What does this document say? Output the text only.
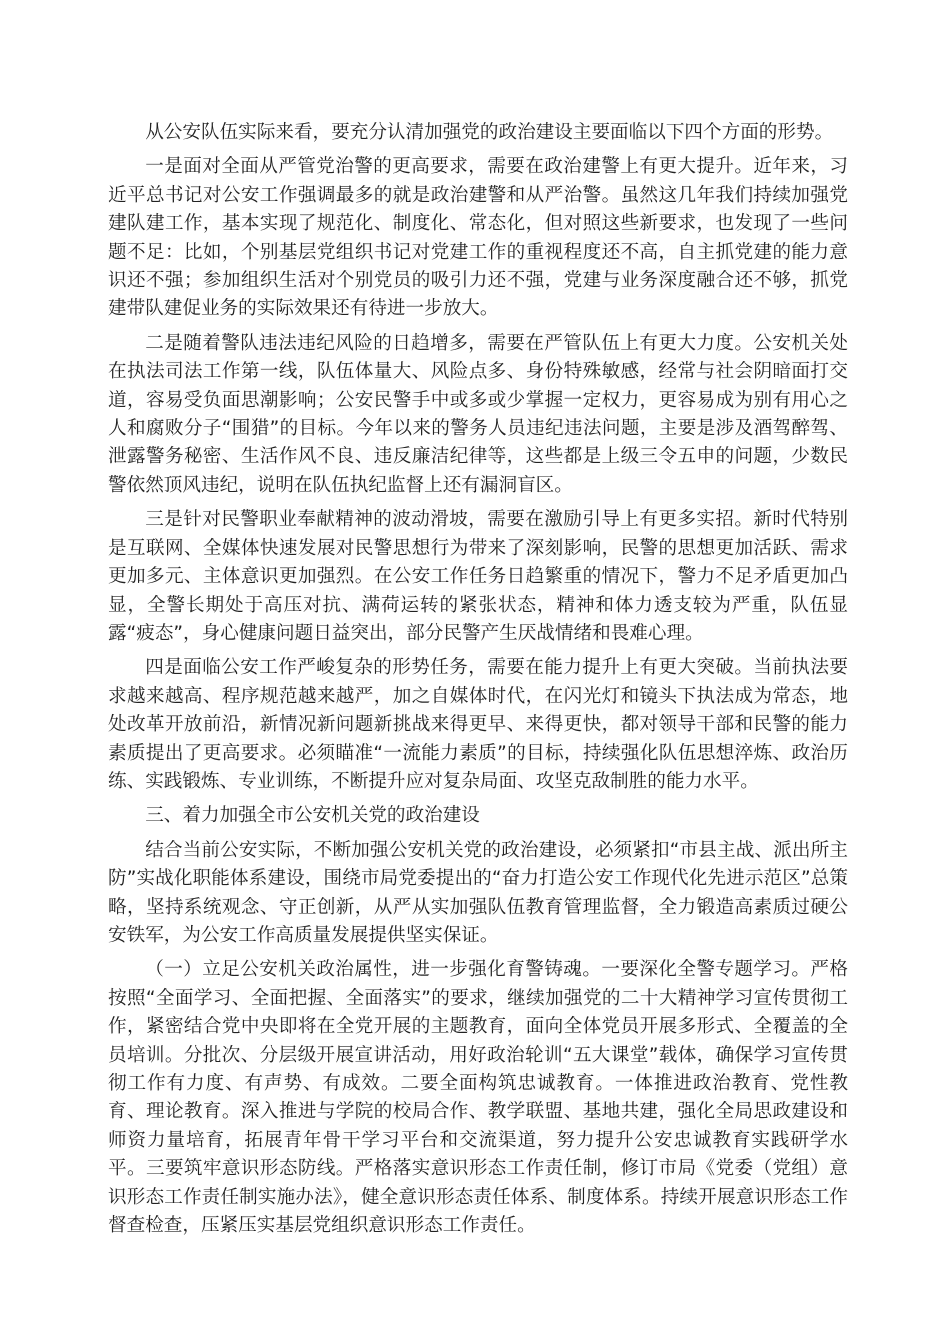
从公安队伍实际来看，要充分认清加强党的政治建设主要面临以下四个方面的形势。

一是面对全面从严管党治警的更高要求，需要在政治建警上有更大提升。近年来，习近平总书记对公安工作强调最多的就是政治建警和从严治警。虽然这几年我们持续加强党建队建工作，基本实现了规范化、制度化、常态化，但对照这些新要求，也发现了一些问题不足：比如，个别基层党组织书记对党建工作的重视程度还不高，自主抓党建的能力意识还不强；参加组织生活对个别党员的吸引力还不强，党建与业务深度融合还不够，抓党建带队建促业务的实际效果还有待进一步放大。

二是随着警队违法违纪风险的日趋增多，需要在严管队伍上有更大力度。公安机关处在执法司法工作第一线，队伍体量大、风险点多、身份特殊敏感，经常与社会阴暗面打交道，容易受负面思潮影响；公安民警手中或多或少掌握一定权力，更容易成为别有用心之人和腐败分子“围猎”的目标。今年以来的警务人员违纪违法问题，主要是涉及酒驾醉驾、泄露警务秘密、生活作风不良、违反廉洁纪律等，这些都是上级三令五申的问题，少数民警依然顶风违纪，说明在队伍执纪监督上还有漏洞盲区。

三是针对民警职业奉献精神的波动滑坡，需要在激励引导上有更多实招。新时代特别是互联网、全媒体快速发展对民警思想行为带来了深刻影响，民警的思想更加活跃、需求更加多元、主体意识更加强烈。在公安工作任务日趋繁重的情况下，警力不足矛盾更加凸显，全警长期处于高压对抗、满荷运转的紧张状态，精神和体力透支较为严重，队伍显露“疲态”，身心健康问题日益突出，部分民警产生厌战情绪和畏难心理。

四是面临公安工作严峻复杂的形势任务，需要在能力提升上有更大突破。当前执法要求越来越高、程序规范越来越严，加之自媒体时代，在闪光灯和镜头下执法成为常态，地处改革开放前沿，新情况新问题新挑战来得更早、来得更快，都对领导干部和民警的能力素质提出了更高要求。必须瞄准“一流能力素质”的目标，持续强化队伍思想淬炼、政治历练、实践锻炼、专业训练，不断提升应对复杂局面、攻坚克敌制胜的能力水平。

三、着力加强全市公安机关党的政治建设

结合当前公安实际，不断加强公安机关党的政治建设，必须紧扣“市县主战、派出所主防”实战化职能体系建设，围绕市局党委提出的“奋力打造公安工作现代化先进示范区”总策略，坚持系统观念、守正创新，从严从实加强队伍教育管理监督，全力锻造高素质过硬公安铁军，为公安工作高质量发展提供坚实保证。

（一）立足公安机关政治属性，进一步强化育警铸魂。一要深化全警专题学习。严格按照“全面学习、全面把握、全面落实”的要求，继续加强党的二十大精神学习宣传贯彻工作，紧密结合党中央即将在全党开展的主题教育，面向全体党员开展多形式、全覆盖的全员培训。分批次、分层级开展宣讲活动，用好政治轮训“五大课堂”载体，确保学习宣传贯彻工作有力度、有声势、有成效。二要全面构筑忠诚教育。一体推进政治教育、党性教育、理论教育。深入推进与学院的校局合作、教学联盟、基地共建，强化全局思政建设和师资力量培育，拓展青年骨干学习平台和交流渠道，努力提升公安忠诚教育实践研学水平。三要筑牢意识形态防线。严格落实意识形态工作责任制，修订市局《党委（党组）意识形态工作责任制实施办法》，健全意识形态责任体系、制度体系。持续开展意识形态工作督查检查，压紧压实基层党组织意识形态工作责任。
